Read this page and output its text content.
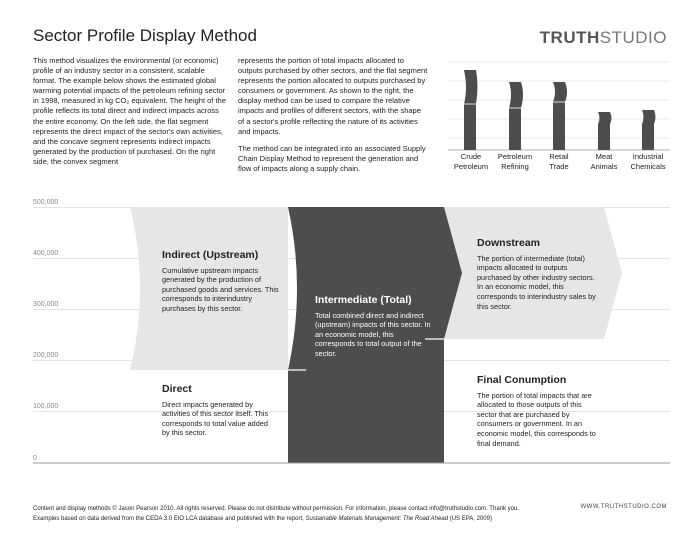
Sector Profile Display Method	TRUTHSTUDIO

This method visualizes the environmental (or economic) profile of an industry sector in a consistent, scalable format. The example below shows the estimated global warming potential impacts of the petroleum refining sector in 1998, measured in kg CO₂ equivalent. The height of the profile reflects its total direct and indirect impacts across the entire economy. On the left side, the flat segment represents the direct impact of the sector's own activities, and the concave segment represents indirect impacts generated by the production of purchased. On the right side, the convex segment

represents the portion of total impacts allocated to outputs purchased by other sectors, and the flat segment represents the portion allocated to outputs purchased by consumers or government. As shown to the right, the display method can be used to compare the relative impacts and profiles of different sectors, with the shape of a sector's profile reflecting the nature of its activities and impacts.

The method can be integrated into an associated Supply Chain Display Method to represent the generation and flow of impacts along a supply chain.

Crude
Petroleum
Petroleum
Refining
Retail
Trade
Meat
Animals
Industrial
Chemicals
500,000
400,000
300,000
200,000
100,000
0
Indirect (Upstream)

Cumulative upstream impacts generated by the production of purchased goods and services. This corresponds to interindustry purchases by this sector.

Direct

Direct impacts generated by activities of this sector itself. This corresponds to total value added by this sector.

Intermediate (Total)

Total combined direct and indirect (upstream) impacts of this sector. In an economic model, this corresponds to total output of the sector.

Downstream

The portion of intermediate (total) impacts allocated to outputs purchased by other industry sectors. In an economic model, this corresponds to interindustry sales by this sector.

Final Conumption

The portion of total impacts that are allocated to those outputs of this sector that are purchased by consumers or government. In an economic model, this corresponds to final demand.

Content and display methods © Jason Pearson 2010. All rights reserved. Please do not distribute without permission. For information, please contact info@truthstudio.com. Thank you.
Examples based on data derived from the CEDA 3.0 EIO LCA database and published with the report, Sustainable Materials Management: The Road Ahead (US EPA, 2009)
WWW.TRUTHSTUDIO.COM
